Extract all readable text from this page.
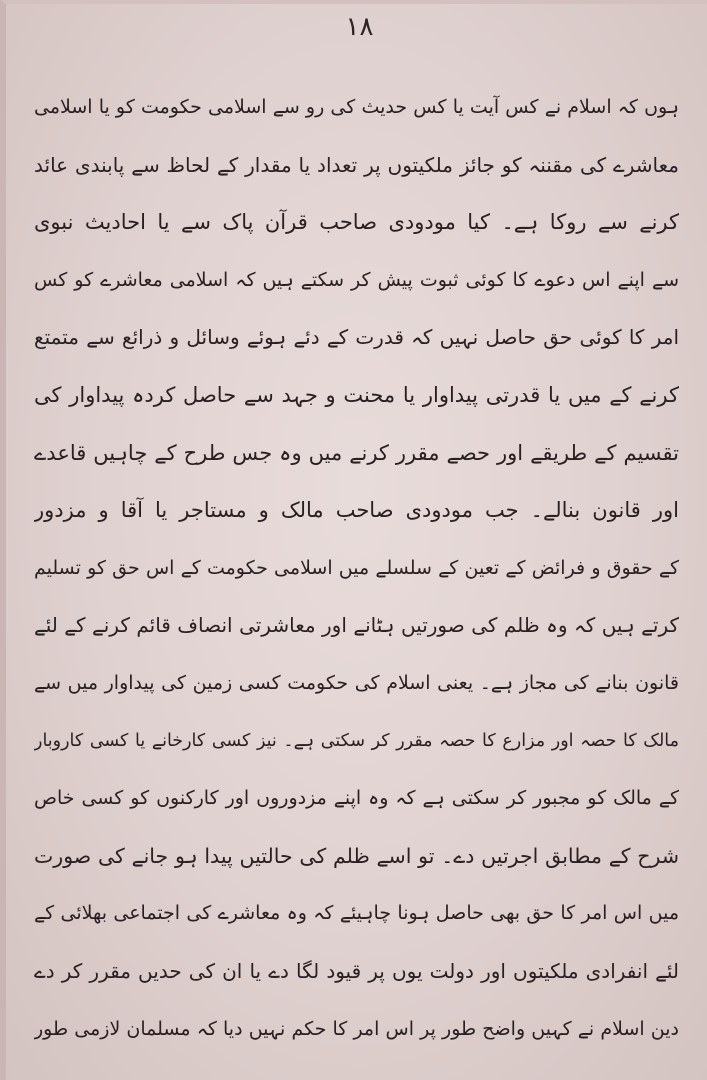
۱۸
ہوں کہ اسلام نے کس آیت یا کس حدیث کی رو سے اسلامی حکومت کو یا اسلامی
معاشرے کی مقننہ کو جائز ملکیتوں پر تعداد یا مقدار کے لحاظ سے پابندی عائد
کرنے سے روکا ہے۔ کیا مودودی صاحب قرآن پاک سے یا احادیث نبوی
سے اپنے اس دعوے کا کوئی ثبوت پیش کر سکتے ہیں کہ اسلامی معاشرے کو کس
امر کا کوئی حق حاصل نہیں کہ قدرت کے دئے ہوئے وسائل و ذرائع سے متمتع
کرنے کے میں یا قدرتی پیداوار یا محنت و جہد سے حاصل کردہ پیداوار کی
تقسیم کے طریقے اور حصے مقرر کرنے میں وہ جس طرح کے چاہیں قاعدے
اور قانون بنالے۔ جب مودودی صاحب مالک و مستاجر یا آقا و مزدور
کے حقوق و فرائض کے تعین کے سلسلے میں اسلامی حکومت کے اس حق کو تسلیم
کرتے ہیں کہ وہ ظلم کی صورتیں ہٹانے اور معاشرتی انصاف قائم کرنے کے لئے
قانون بنانے کی مجاز ہے۔ یعنی اسلام کی حکومت کسی زمین کی پیداوار میں سے
مالک کا حصہ اور مزارع کا حصہ مقرر کر سکتی ہے۔ نیز کسی کارخانے یا کسی کاروبار
کے مالک کو مجبور کر سکتی ہے کہ وہ اپنے مزدوروں اور کارکنوں کو کسی خاص
شرح کے مطابق اجرتیں دے۔ تو اسے ظلم کی حالتیں پیدا ہو جانے کی صورت
میں اس امر کا حق بھی حاصل ہونا چاہیئے کہ وہ معاشرے کی اجتماعی بھلائی کے
لئے انفرادی ملکیتوں اور دولت یوں پر قیود لگا دے یا ان کی حدیں مقرر کر دے
دین اسلام نے کہیں واضح طور پر اس امر کا حکم نہیں دیا کہ مسلمان لازمی طور
